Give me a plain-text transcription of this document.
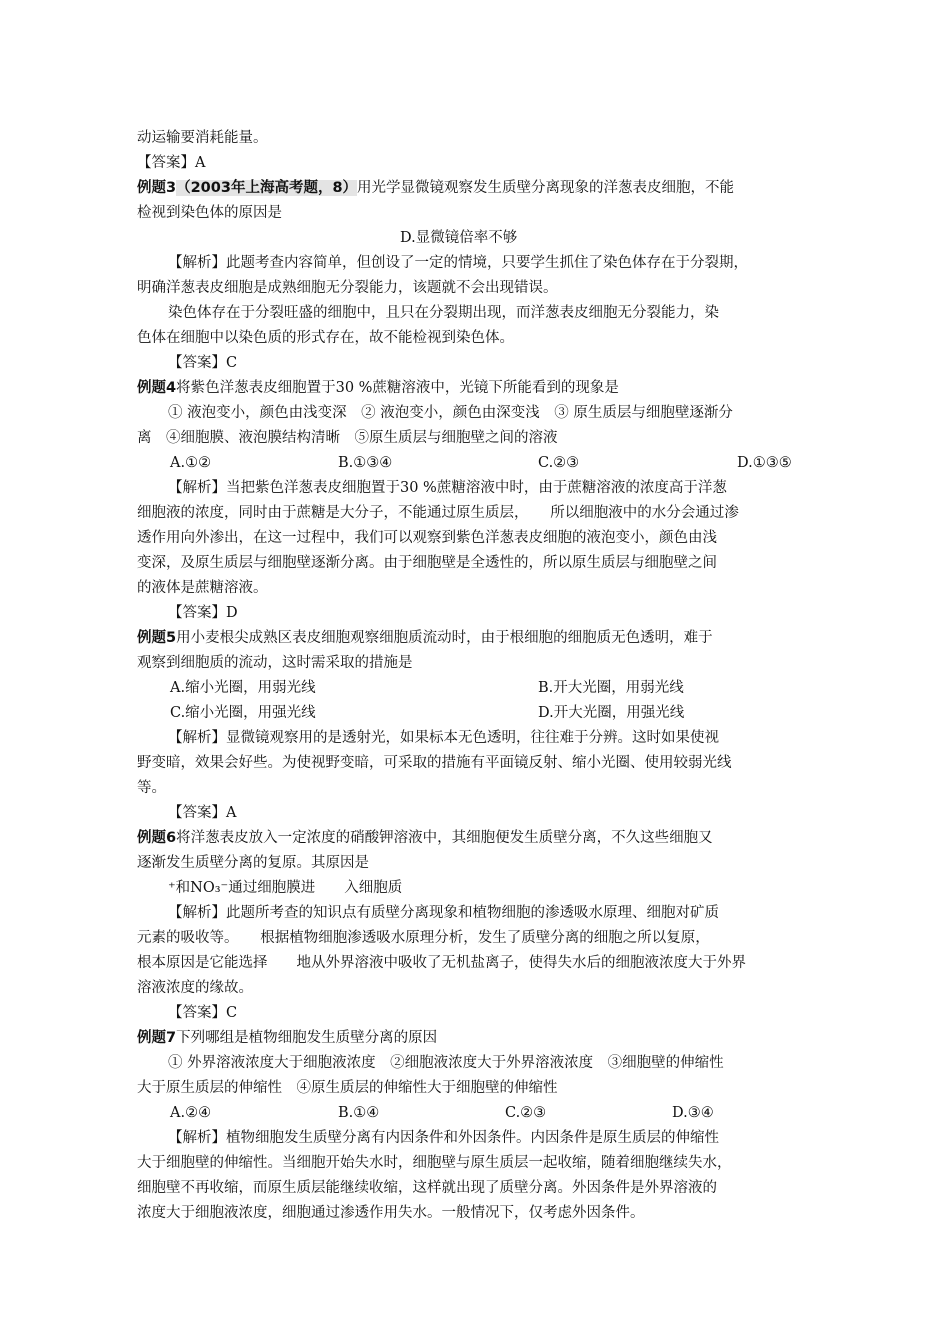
动运输要消耗能量。
【答案】A
例题3（2003年上海高考题，8）用光学显微镜观察发生质壁分离现象的洋葱表皮细胞，不能
检视到染色体的原因是
D.显微镜倍率不够
【解析】此题考查内容简单，但创设了一定的情境，只要学生抓住了染色体存在于分裂期，
明确洋葱表皮细胞是成熟细胞无分裂能力，该题就不会出现错误。
染色体存在于分裂旺盛的细胞中，且只在分裂期出现，而洋葱表皮细胞无分裂能力，染
色体在细胞中以染色质的形式存在，故不能检视到染色体。
【答案】C
例题4将紫色洋葱表皮细胞置于30 %蔗糖溶液中，光镜下所能看到的现象是
① 液泡变小，颜色由浅变深　② 液泡变小，颜色由深变浅　③ 原生质层与细胞壁逐渐分
离　④细胞膜、液泡膜结构清晰　⑤原生质层与细胞壁之间的溶液
A.①②	B.①③④	C.②③	D.①③⑤
【解析】当把紫色洋葱表皮细胞置于30 %蔗糖溶液中时，由于蔗糖溶液的浓度高于洋葱
细胞液的浓度，同时由于蔗糖是大分子，不能通过原生质层，　　所以细胞液中的水分会通过渗
透作用向外渗出，在这一过程中，我们可以观察到紫色洋葱表皮细胞的液泡变小，颜色由浅
变深，及原生质层与细胞壁逐渐分离。由于细胞壁是全透性的，所以原生质层与细胞壁之间
的液体是蔗糖溶液。
【答案】D
例题5用小麦根尖成熟区表皮细胞观察细胞质流动时，由于根细胞的细胞质无色透明，难于
观察到细胞质的流动，这时需采取的措施是
A.缩小光圈，用弱光线	B.开大光圈，用弱光线
C.缩小光圈，用强光线	D.开大光圈，用强光线
【解析】显微镜观察用的是透射光，如果标本无色透明，往往难于分辨。这时如果使视
野变暗，效果会好些。为使视野变暗，可采取的措施有平面镜反射、缩小光圈、使用较弱光线
等。
【答案】A
例题6将洋葱表皮放入一定浓度的硝酸钾溶液中，其细胞便发生质壁分离，不久这些细胞又
逐渐发生质壁分离的复原。其原因是
⁺和NO₃⁻通过细胞膜进　　入细胞质
【解析】此题所考查的知识点有质壁分离现象和植物细胞的渗透吸水原理、细胞对矿质
元素的吸收等。　　根据植物细胞渗透吸水原理分析，发生了质壁分离的细胞之所以复原，
根本原因是它能选择　　地从外界溶液中吸收了无机盐离子，使得失水后的细胞液浓度大于外界
溶液浓度的缘故。
【答案】C
例题7下列哪组是植物细胞发生质壁分离的原因
① 外界溶液浓度大于细胞液浓度　②细胞液浓度大于外界溶液浓度　③细胞壁的伸缩性
大于原生质层的伸缩性　④原生质层的伸缩性大于细胞壁的伸缩性
A.②④	B.①④	C.②③	D.③④
【解析】植物细胞发生质壁分离有内因条件和外因条件。内因条件是原生质层的伸缩性
大于细胞壁的伸缩性。当细胞开始失水时，细胞壁与原生质层一起收缩，随着细胞继续失水，
细胞壁不再收缩，而原生质层能继续收缩，这样就出现了质壁分离。外因条件是外界溶液的
浓度大于细胞液浓度，细胞通过渗透作用失水。一般情况下，仅考虑外因条件。
